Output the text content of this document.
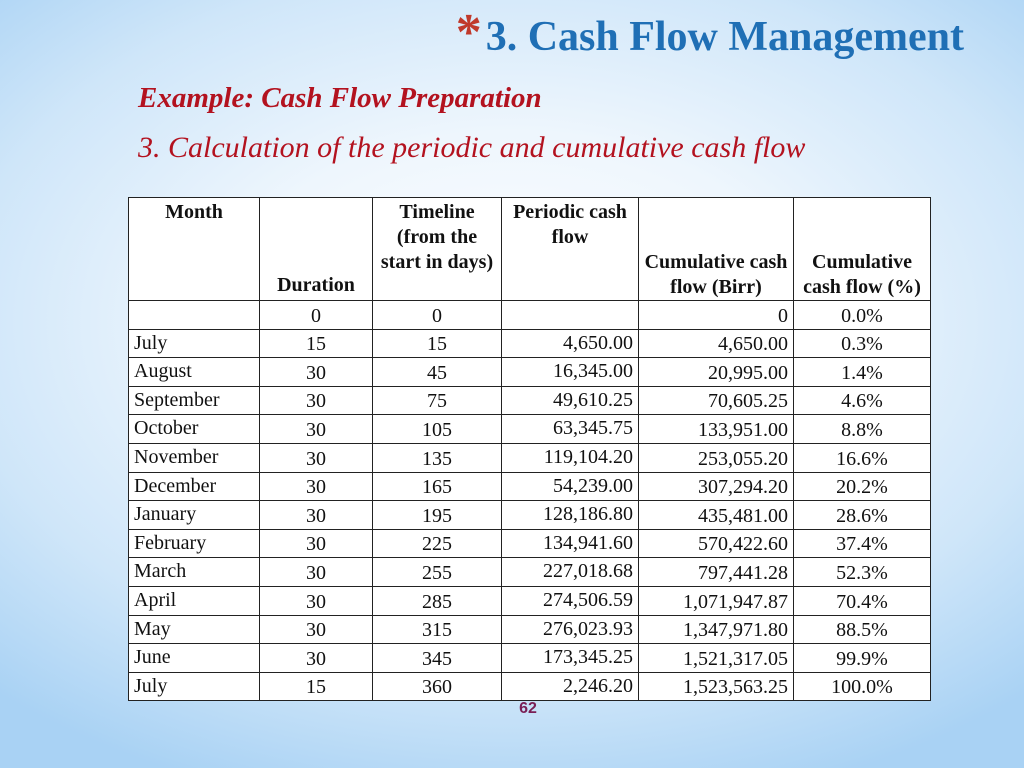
* 3. Cash Flow Management
Example: Cash Flow Preparation
3. Calculation of the periodic and cumulative cash flow
Month	Duration	Timeline (from the start in days)	Periodic cash flow	Cumulative cash flow (Birr)	Cumulative cash flow (%)
	0	0		0	0.0%
July	15	15	4,650.00	4,650.00	0.3%
August	30	45	16,345.00	20,995.00	1.4%
September	30	75	49,610.25	70,605.25	4.6%
October	30	105	63,345.75	133,951.00	8.8%
November	30	135	119,104.20	253,055.20	16.6%
December	30	165	54,239.00	307,294.20	20.2%
January	30	195	128,186.80	435,481.00	28.6%
February	30	225	134,941.60	570,422.60	37.4%
March	30	255	227,018.68	797,441.28	52.3%
April	30	285	274,506.59	1,071,947.87	70.4%
May	30	315	276,023.93	1,347,971.80	88.5%
June	30	345	173,345.25	1,521,317.05	99.9%
July	15	360	2,246.20	1,523,563.25	100.0%
62
